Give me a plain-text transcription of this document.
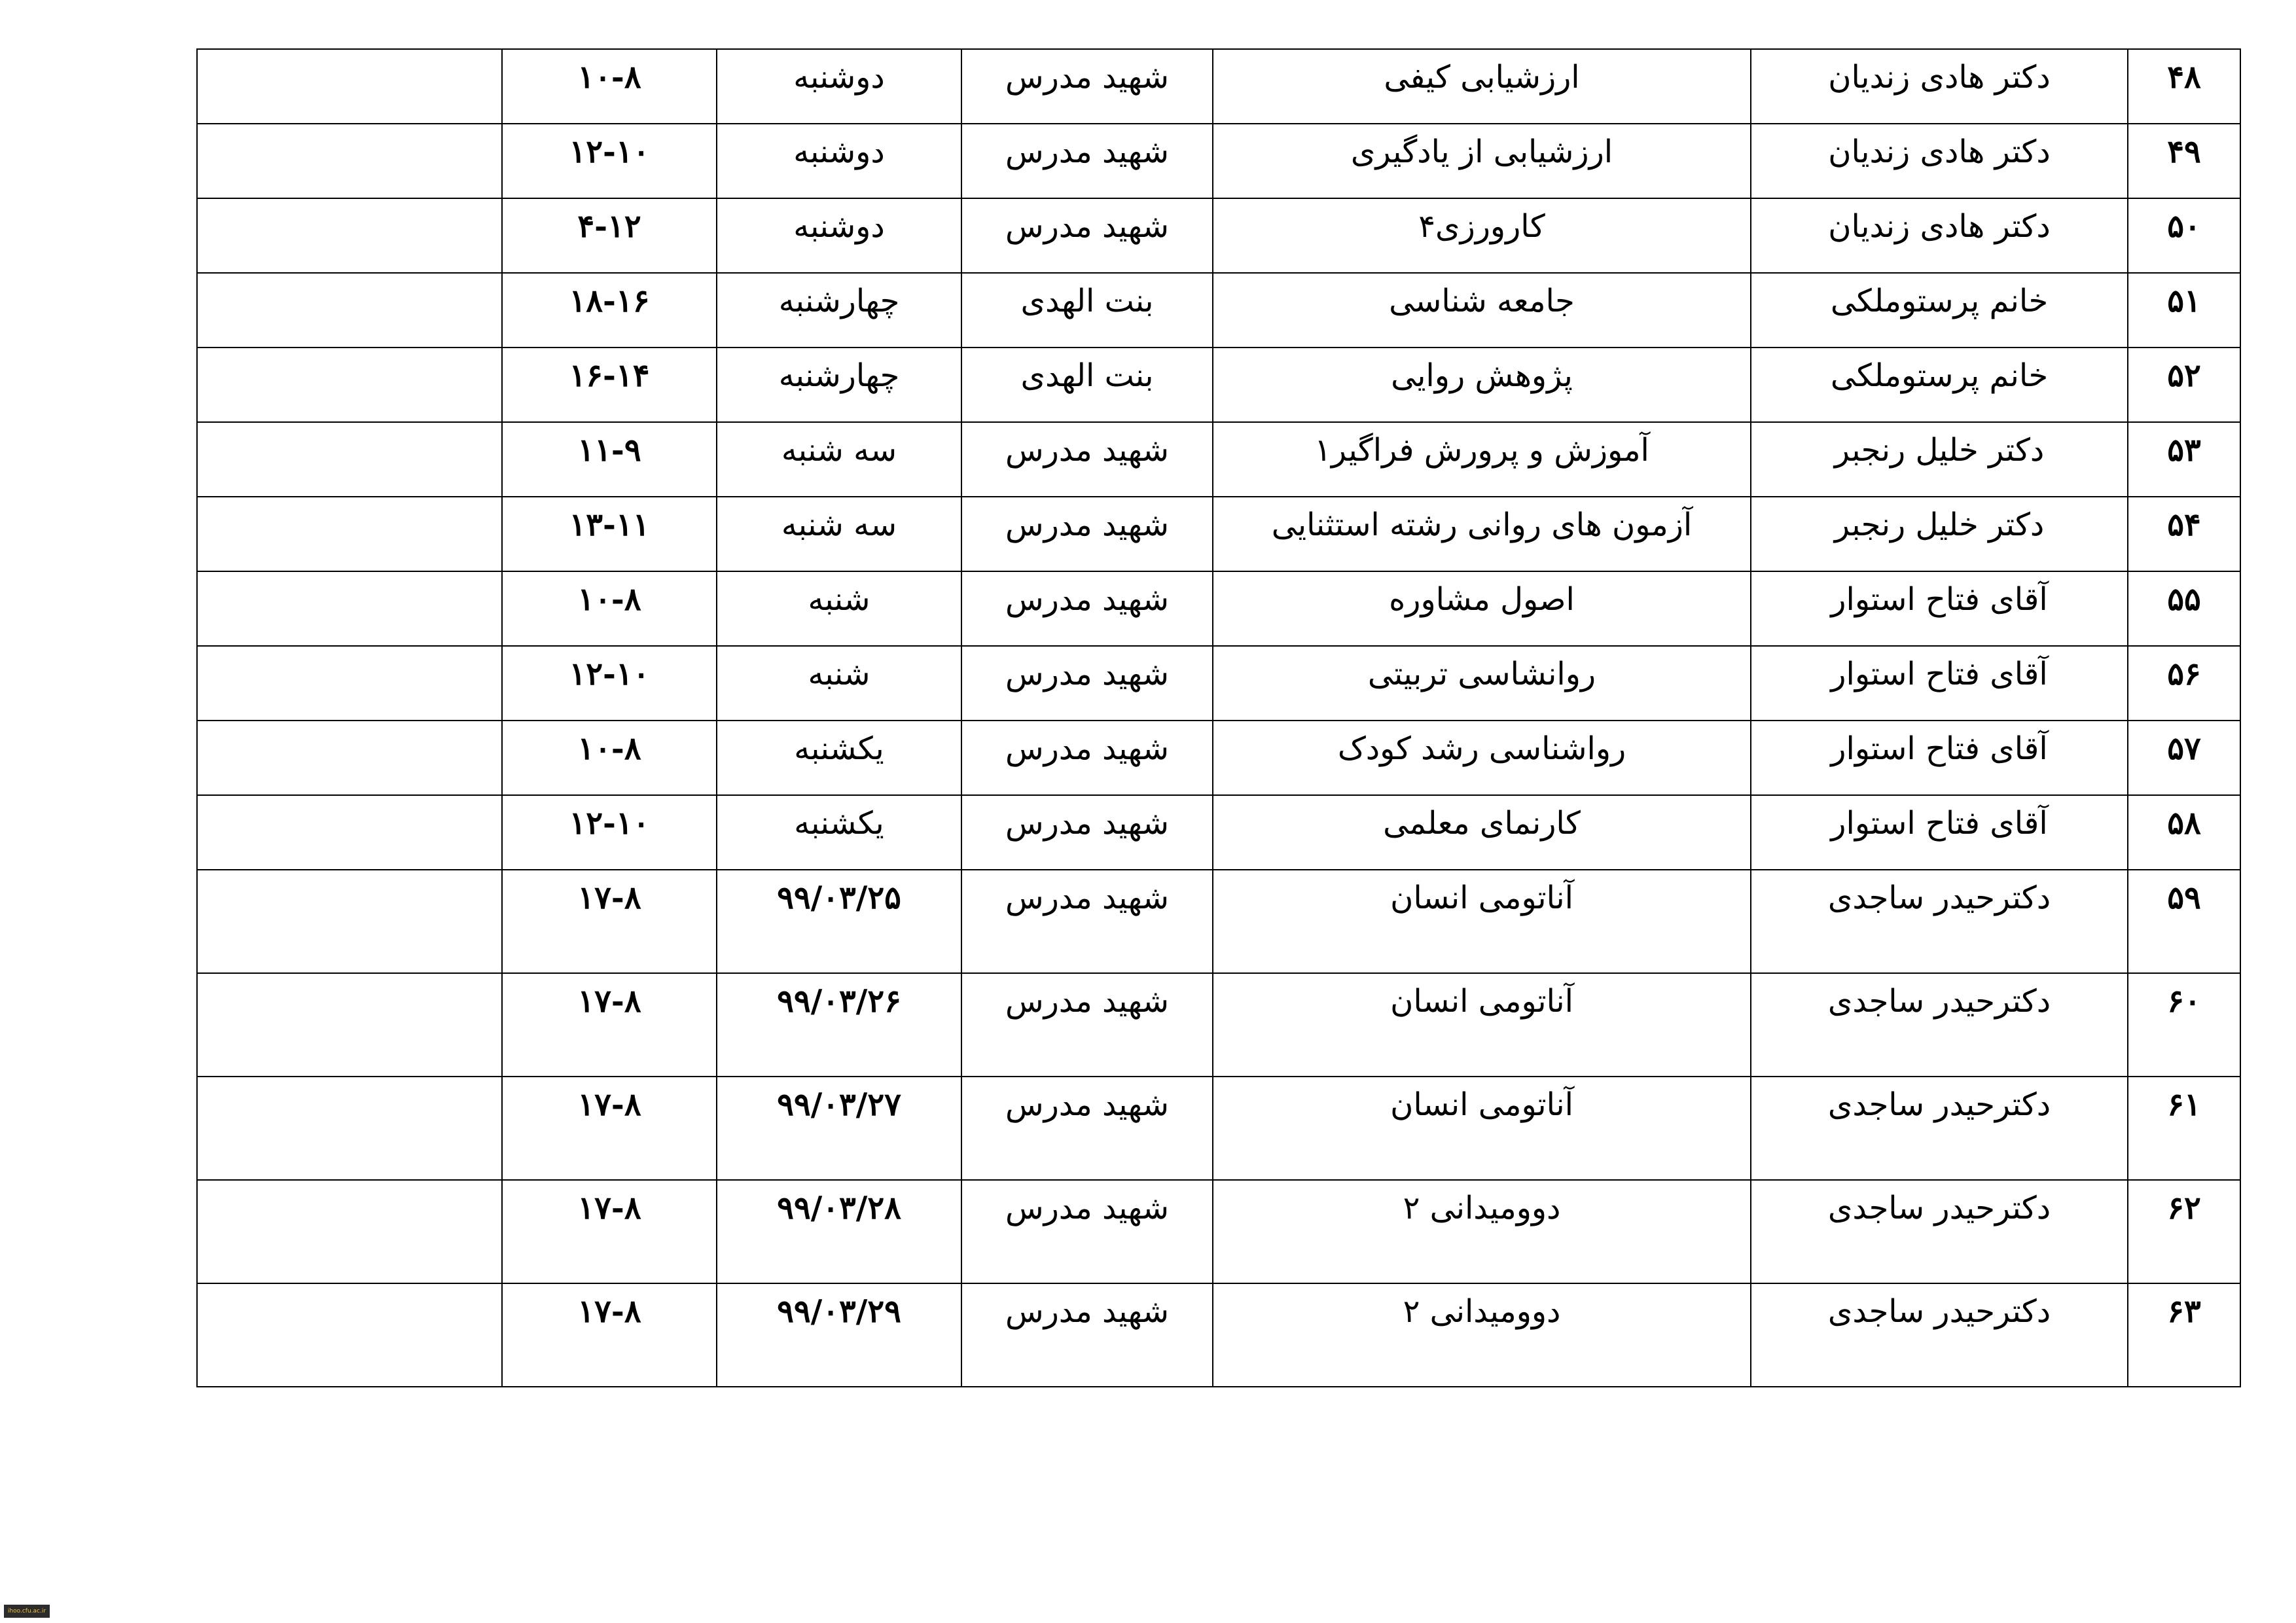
۴۸	دکتر هادی زندیان	ارزشیابی کیفی	شهید مدرس	دوشنبه	۱۰-۸	
۴۹	دکتر هادی زندیان	ارزشیابی از یادگیری	شهید مدرس	دوشنبه	۱۲-۱۰	
۵۰	دکتر هادی زندیان	کارورزی۴	شهید مدرس	دوشنبه	۴-۱۲	
۵۱	خانم پرستوملکی	جامعه شناسی	بنت الهدی	چهارشنبه	۱۸-۱۶	
۵۲	خانم پرستوملکی	پژوهش روایی	بنت الهدی	چهارشنبه	۱۶-۱۴	
۵۳	دکتر خلیل رنجبر	آموزش و پرورش فراگیر۱	شهید مدرس	سه شنبه	۱۱-۹	
۵۴	دکتر خلیل رنجبر	آزمون های روانی رشته استثنایی	شهید مدرس	سه شنبه	۱۳-۱۱	
۵۵	آقای فتاح استوار	اصول مشاوره	شهید مدرس	شنبه	۱۰-۸	
۵۶	آقای فتاح استوار	روانشاسی تربیتی	شهید مدرس	شنبه	۱۲-۱۰	
۵۷	آقای فتاح استوار	رواشناسی رشد کودک	شهید مدرس	یکشنبه	۱۰-۸	
۵۸	آقای فتاح استوار	کارنمای معلمی	شهید مدرس	یکشنبه	۱۲-۱۰	
۵۹	دکترحیدر ساجدی	آناتومی انسان	شهید مدرس	۹۹/۰۳/۲۵	۱۷-۸	
۶۰	دکترحیدر ساجدی	آناتومی انسان	شهید مدرس	۹۹/۰۳/۲۶	۱۷-۸	
۶۱	دکترحیدر ساجدی	آناتومی انسان	شهید مدرس	۹۹/۰۳/۲۷	۱۷-۸	
۶۲	دکترحیدر ساجدی	دوومیدانی ۲	شهید مدرس	۹۹/۰۳/۲۸	۱۷-۸	
۶۳	دکترحیدر ساجدی	دوومیدانی ۲	شهید مدرس	۹۹/۰۳/۲۹	۱۷-۸	
ihoo.cfu.ac.ir
